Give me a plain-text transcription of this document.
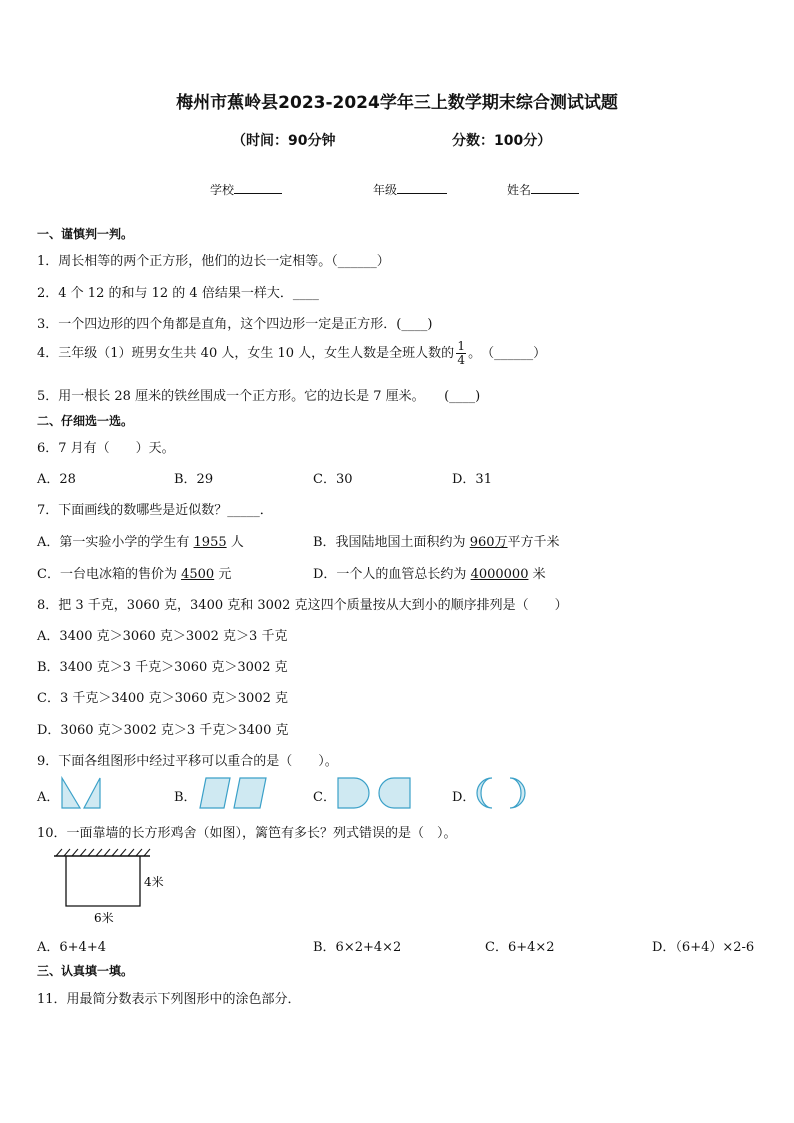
梅州市蕉岭县2023-2024学年三上数学期末综合测试试题
（时间：90分钟	分数：100分）
学校	年级	姓名
一、谨慎判一判。
1．周长相等的两个正方形，他们的边长一定相等。（______）
2．4 个 12 的和与 12 的 4 倍结果一样大．____
3．一个四边形的四个角都是直角，这个四边形一定是正方形．(____)
4．三年级（1）班男女生共 40 人，女生 10 人，女生人数是全班人数的 $\frac{1}{4}$ 。　（______）
5．用一根长 28 厘米的铁丝围成一个正方形。它的边长是 7 厘米。　　(____)
二、仔细选一选。
6．7 月有（　　）天。
A．28	B．29	C．30	D．31
7．下面画线的数哪些是近似数？_____．
A．第一实验小学的学生有 1955 人	B．我国陆地国土面积约为 960万平方千米
C．一台电冰箱的售价为 4500 元	D．一个人的血管总长约为 4000000 米
8．把 3 千克，3060 克，3400 克和 3002 克这四个质量按从大到小的顺序排列是（　　）
A．3400 克＞3060 克＞3002 克＞3 千克
B．3400 克＞3 千克＞3060 克＞3002 克
C．3 千克＞3400 克＞3060 克＞3002 克
D．3060 克＞3002 克＞3 千克＞3400 克
9．下面各组图形中经过平移可以重合的是（　　）。
A．	B．	C．	D．
10．一面靠墙的长方形鸡舍（如图），篱笆有多长？列式错误的是（　）。
4米
6米
A．6+4+4	B．6×2+4×2	C．6+4×2	D．（6+4）×2-6
三、认真填一填。
11．用最简分数表示下列图形中的涂色部分．
